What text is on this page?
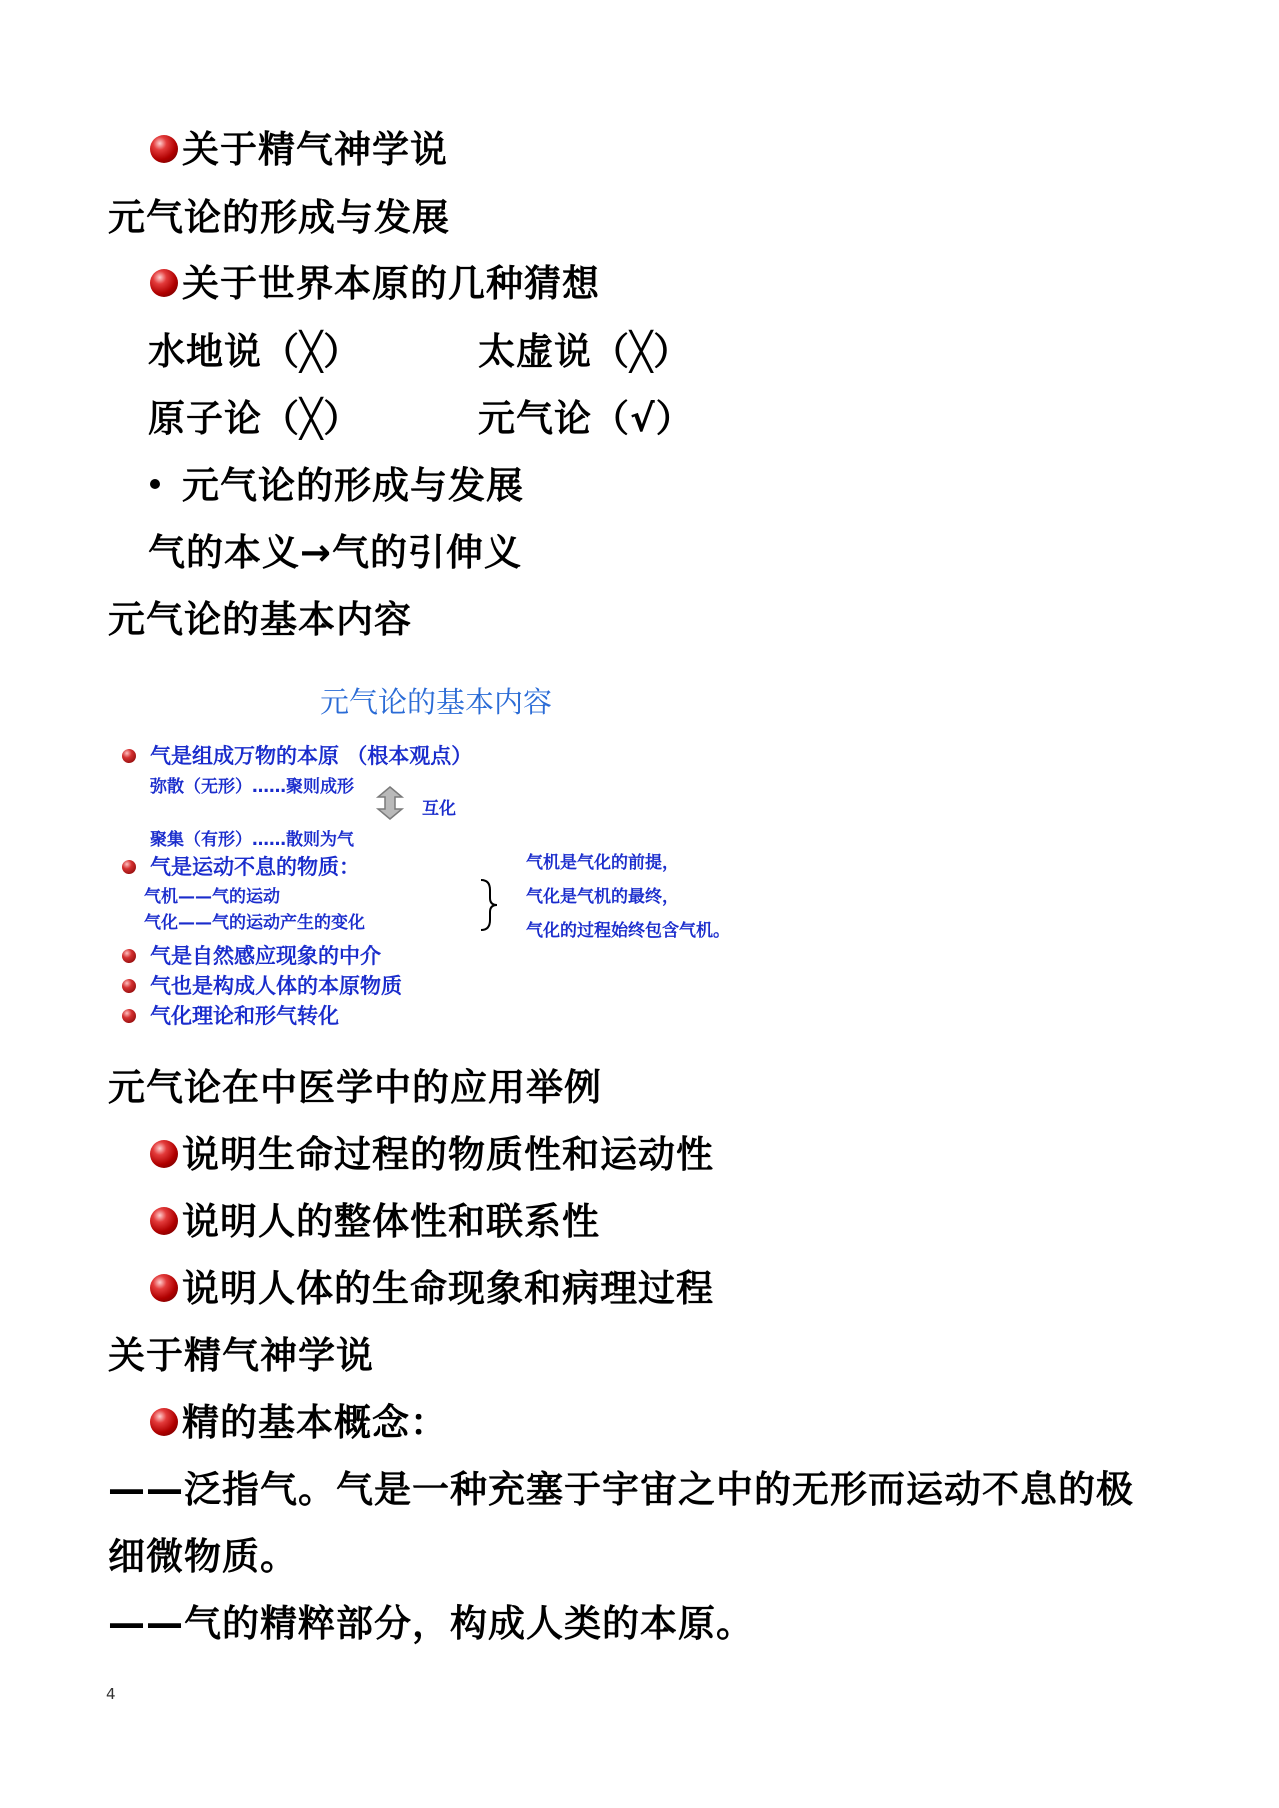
关于精气神学说
元气论的形成与发展
关于世界本原的几种猜想
水地说（╳）	太虚说（╳）
原子论（╳）	元气论（√）
元气论的形成与发展
气的本义→气的引伸义
元气论的基本内容
元气论的基本内容
气是组成万物的本原 （根本观点）
弥散（无形）……聚则成形
互化
聚集（有形）……散则为气
气是运动不息的物质：
气机——气的运动
气化——气的运动产生的变化
气机是气化的前提，
气化是气机的最终，
气化的过程始终包含气机。
气是自然感应现象的中介
气也是构成人体的本原物质
气化理论和形气转化
元气论在中医学中的应用举例
说明生命过程的物质性和运动性
说明人的整体性和联系性
说明人体的生命现象和病理过程
关于精气神学说
精的基本概念：
——泛指气。气是一种充塞于宇宙之中的无形而运动不息的极
细微物质。
——气的精粹部分，构成人类的本原。
4
